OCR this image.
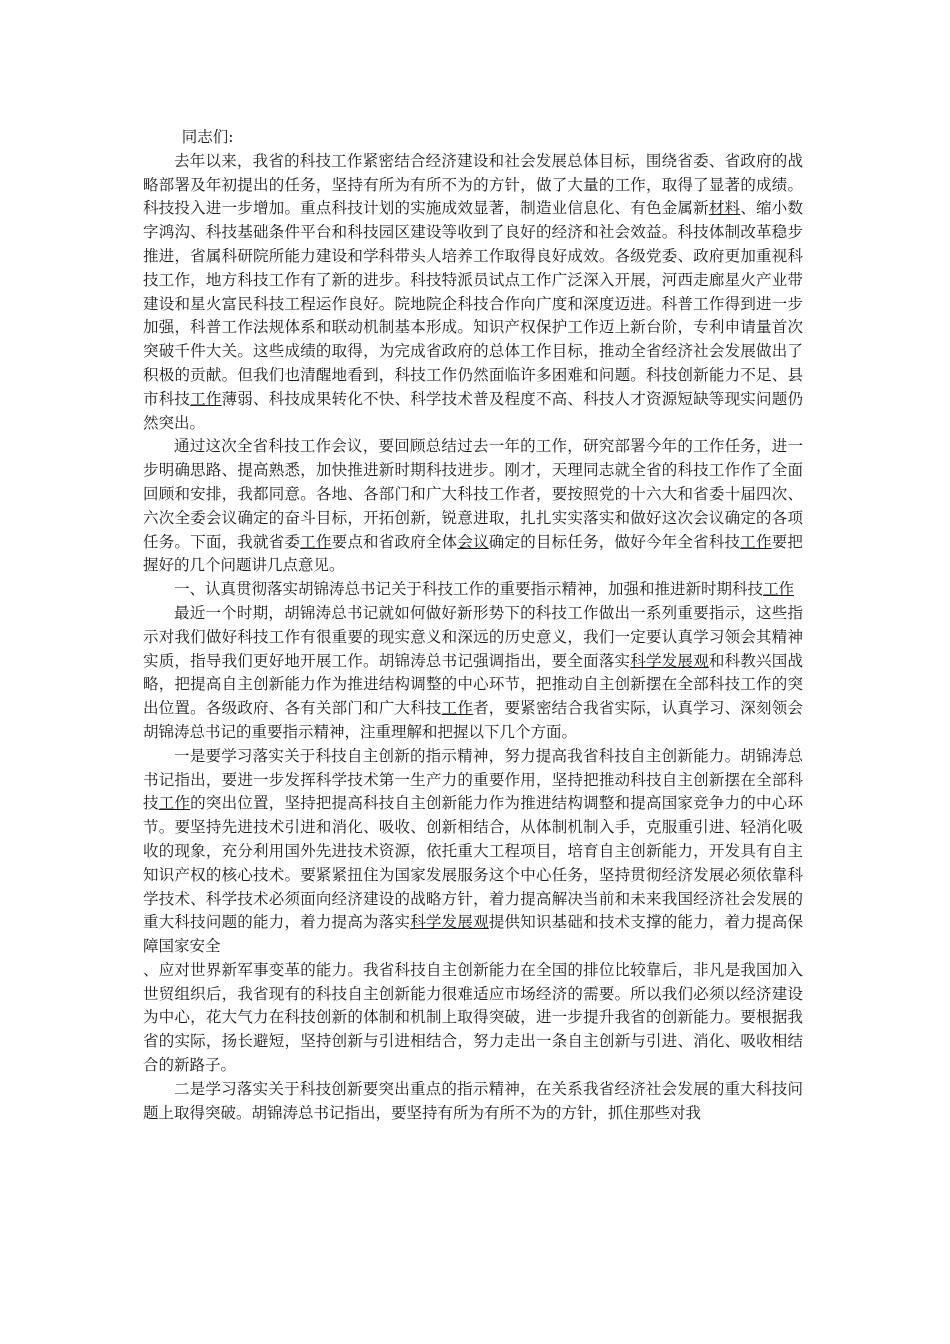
同志们:

去年以来，我省的科技工作紧密结合经济建设和社会发展总体目标，围绕省委、省政府的战略部署及年初提出的任务，坚持有所为有所不为的方针，做了大量的工作，取得了显著的成绩。科技投入进一步增加。重点科技计划的实施成效显著，制造业信息化、有色金属新材料、缩小数字鸿沟、科技基础条件平台和科技园区建设等收到了良好的经济和社会效益。科技体制改革稳步推进，省属科研院所能力建设和学科带头人培养工作取得良好成效。各级党委、政府更加重视科技工作，地方科技工作有了新的进步。科技特派员试点工作广泛深入开展，河西走廊星火产业带建设和星火富民科技工程运作良好。院地院企科技合作向广度和深度迈进。科普工作得到进一步加强，科普工作法规体系和联动机制基本形成。知识产权保护工作迈上新台阶，专利申请量首次突破千件大关。这些成绩的取得，为完成省政府的总体工作目标，推动全省经济社会发展做出了积极的贡献。但我们也清醒地看到，科技工作仍然面临许多困难和问题。科技创新能力不足、县市科技工作薄弱、科技成果转化不快、科学技术普及程度不高、科技人才资源短缺等现实问题仍然突出。

通过这次全省科技工作会议，要回顾总结过去一年的工作，研究部署今年的工作任务，进一步明确思路、提高熟悉，加快推进新时期科技进步。刚才，天理同志就全省的科技工作作了全面回顾和安排，我都同意。各地、各部门和广大科技工作者，要按照党的十六大和省委十届四次、六次全委会议确定的奋斗目标，开拓创新，锐意进取，扎扎实实落实和做好这次会议确定的各项任务。下面，我就省委工作要点和省政府全体会议确定的目标任务，做好今年全省科技工作要把握好的几个问题讲几点意见。

一、认真贯彻落实胡锦涛总书记关于科技工作的重要指示精神，加强和推进新时期科技工作

最近一个时期，胡锦涛总书记就如何做好新形势下的科技工作做出一系列重要指示，这些指示对我们做好科技工作有很重要的现实意义和深远的历史意义，我们一定要认真学习领会其精神实质，指导我们更好地开展工作。胡锦涛总书记强调指出，要全面落实科学发展观和科教兴国战略，把提高自主创新能力作为推进结构调整的中心环节，把推动自主创新摆在全部科技工作的突出位置。各级政府、各有关部门和广大科技工作者，要紧密结合我省实际，认真学习、深刻领会胡锦涛总书记的重要指示精神，注重理解和把握以下几个方面。

一是要学习落实关于科技自主创新的指示精神，努力提高我省科技自主创新能力。胡锦涛总书记指出，要进一步发挥科学技术第一生产力的重要作用，坚持把推动科技自主创新摆在全部科技工作的突出位置，坚持把提高科技自主创新能力作为推进结构调整和提高国家竞争力的中心环节。要坚持先进技术引进和消化、吸收、创新相结合，从体制机制入手，克服重引进、轻消化吸收的现象，充分利用国外先进技术资源，依托重大工程项目，培育自主创新能力，开发具有自主知识产权的核心技术。要紧紧扭住为国家发展服务这个中心任务，坚持贯彻经济发展必须依靠科学技术、科学技术必须面向经济建设的战略方针，着力提高解决当前和未来我国经济社会发展的重大科技问题的能力，着力提高为落实科学发展观提供知识基础和技术支撑的能力，着力提高保障国家安全

、应对世界新军事变革的能力。我省科技自主创新能力在全国的排位比较靠后，非凡是我国加入世贸组织后，我省现有的科技自主创新能力很难适应市场经济的需要。所以我们必须以经济建设为中心，花大气力在科技创新的体制和机制上取得突破，进一步提升我省的创新能力。要根据我省的实际，扬长避短，坚持创新与引进相结合，努力走出一条自主创新与引进、消化、吸收相结合的新路子。

二是学习落实关于科技创新要突出重点的指示精神，在关系我省经济社会发展的重大科技问题上取得突破。胡锦涛总书记指出，要坚持有所为有所不为的方针，抓住那些对我
